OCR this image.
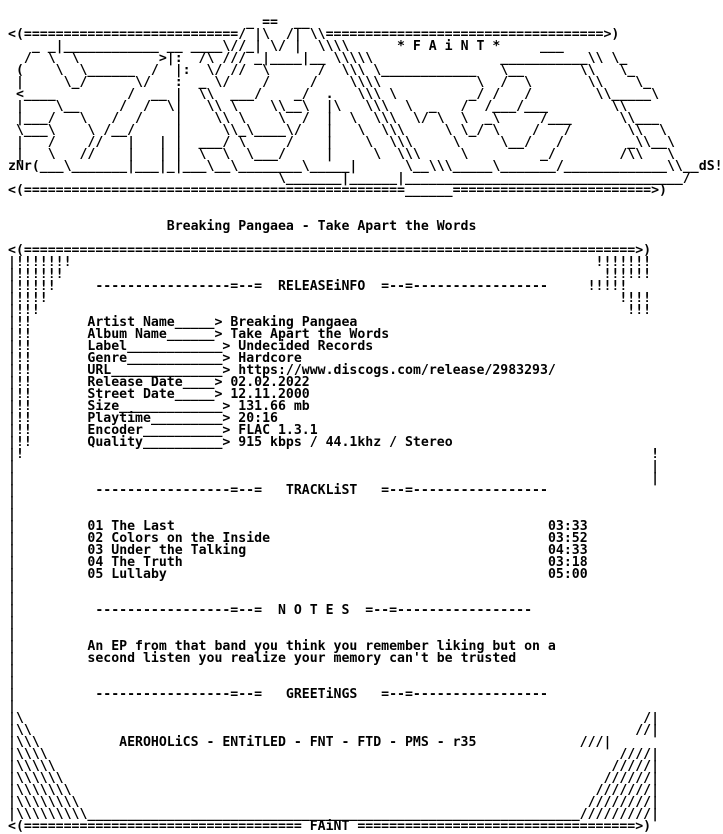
_ ==  __
<(===========================/ |\  /| \\===================================>)
_ _|____________ __ ____\//_| \/ |  \\\\	* F A i N T *	___
/  \  \          >|:  /\ /// _|____|__ \\\\\                ___________\\ \_
(    \  \______  /  |:  \/ //  \      /  \\\ \____________   \__       \\   \_
|     \_/      \/   :  _ \/    /     /    \\\\            \  /  \       \\    \_
<____         /  __ |  \\  ___/    _/  .   \\\ \         _/ /   /        \\_____\
|    \__     /  /  \|   \\ \    \\__\  |\   \\\  \  _   /  /___/___        \\
|___/   \   /  /    |    \\ \    \  /  |  \  \\\  \/ \  \  _\     /___      \\___
\___\    \ /__/     |     \\_\____\/   |   \  \\\     \ \_/ \    /   /       \\  \
|   /    //   |   | |  ___/ \     /    |    \  \\\     \     \__/   /        _\\__\
|   \   //    |   | |  \  \  \___/     |     \  \\\     \         _/        /\\   \
zNr(___\_______|___|_|___\__\________\_____|      \__\\\_____\_______/_____________\\__dS!
\_______|______|___________________________________/
<(================================================______=========================>)

Breaking Pangaea - Take Apart the Words

<(=============================================================================>)
|!!!!!!!                                                                  !!!!!!!
|!!!!!!                                                                    !!!!!!
|!!!!!     -----------------=--=  RELEASEiNFO  =--=-----------------     !!!!!
|!!!!                                                                        !!!!
|!!!                                                                          !!!
|!!	Artist Name_____> Breaking Pangaea
|!!	Album Name______> Take Apart the Words
|!!	Label____________> Undecided Records
|!!	Genre____________> Hardcore
|!!	URL______________> https://www.discogs.com/release/2983293/
|!!	Release Date____> 02.02.2022
|!!	Street Date_____> 12.11.2000
|!!	Size_____________> 131.66 mb
|!!	Playtime_________> 20:16
|!!	Encoder__________> FLAC 1.3.1
|!!	Quality__________> 915 kbps / 44.1khz / Stereo
|!                                                                               !
|                                                                                |
|                                                                                |
|          -----------------=--=   TRACKLiST   =--=-----------------
|
|
|	01 The Last	03:33
|	02 Colors on the Inside	03:52
|	03 Under the Talking	04:33
|	04 The Truth	03:18
|	05 Lullaby	05:00
|
|
|          -----------------=--=  N O T E S  =--=-----------------
|
|
|	An EP from that band you think you remember liking but on a
|	second listen you realize your memory can't be trusted
|
|
|          -----------------=--=   GREETiNGS   =--=-----------------
|
|\                                                                              /|
|\\                                                                            //|
|\\\	AEROHOLiCS - ENTiTLED - FNT - FTD - PMS - r35	///|
|\\\\                                                                        ////|
|\\\\\                                                                      /////|
|\\\\\\                                                                    //////|
|\\\\\\\                                                                  ///////|
|\\\\\\\\                                                                ////////|
|\\\\\\\\\______________________________________________________________/////////|
<(=================================== FAiNT ===================================>)
